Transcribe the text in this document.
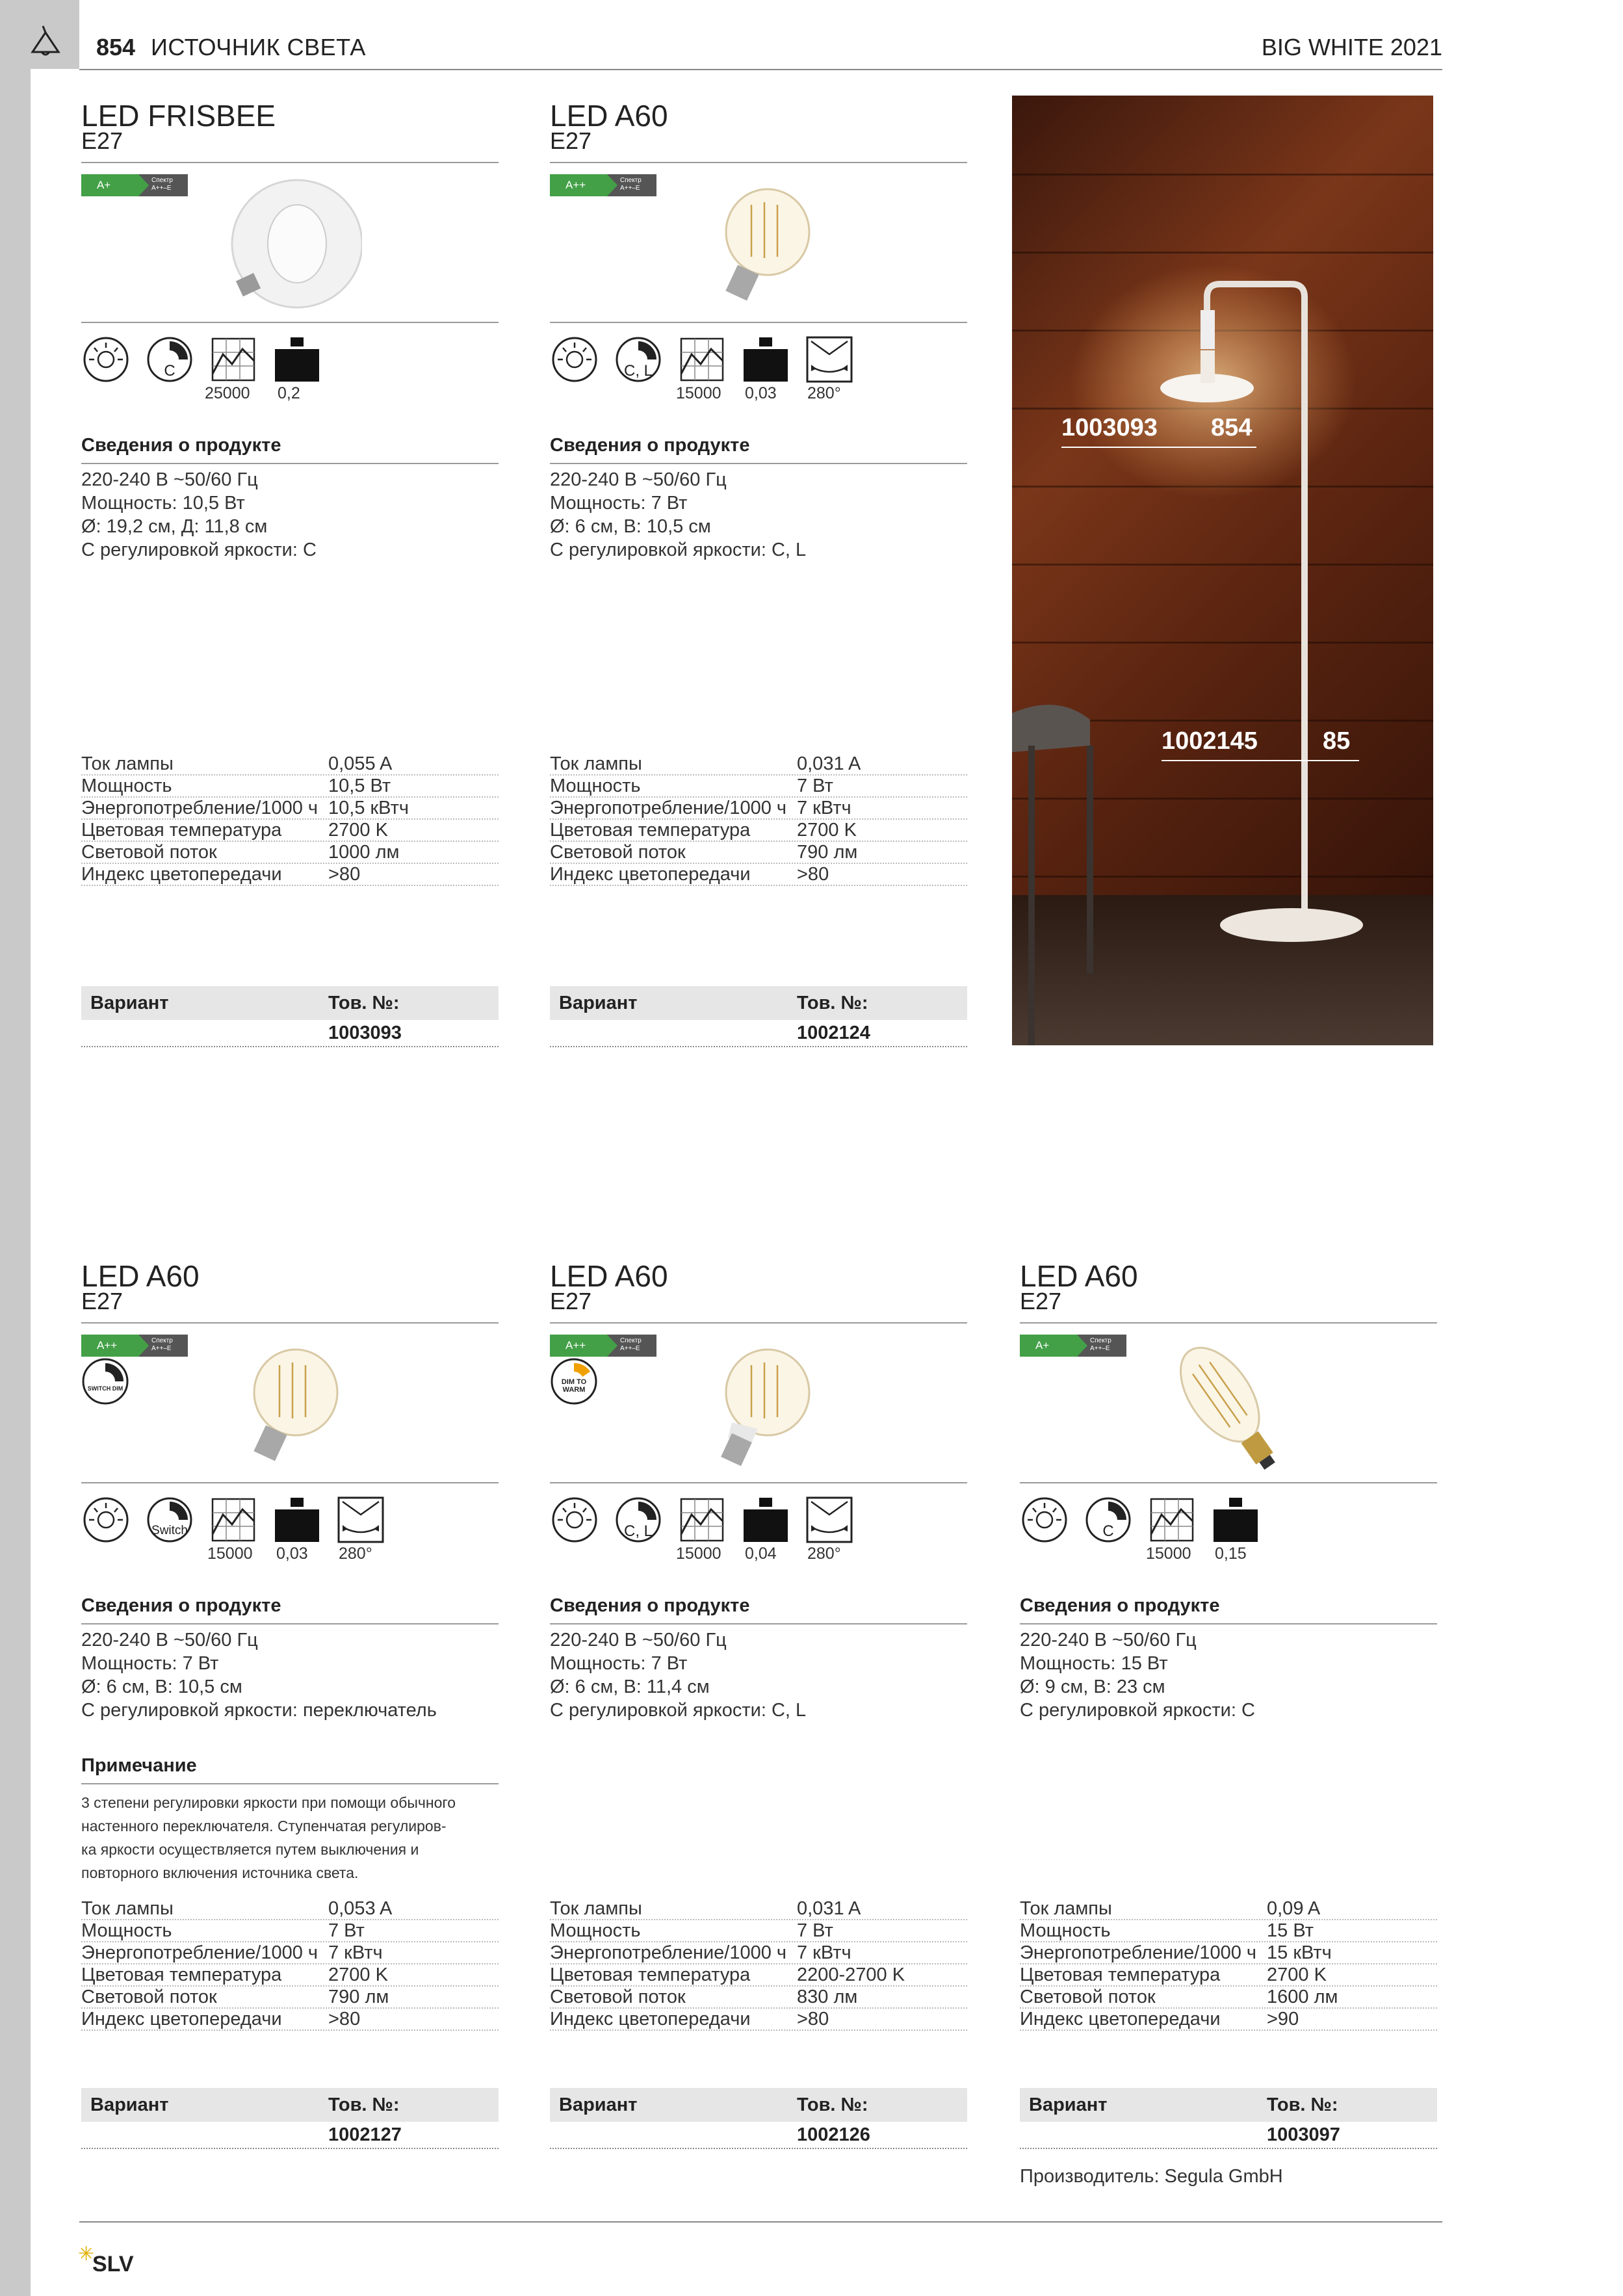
854 ИСТОЧНИК СВЕТА	BIG WHITE 2021
LED FRISBEE
E27
A+	Спектр A++–E
C
25000 0,2
Сведения о продукте
220-240 В ~50/60 Гц
Мощность: 10,5 Вт
Ø: 19,2 см, Д: 11,8 см
С регулировкой яркости: C
Ток лампы	0,055 A
Мощность	10,5 Вт
Энергопотребление/1000 ч 10,5 кВтч
Цветовая температура	2700 K
Световой поток	1000 лм
Индекс цветопередачи	>80
Вариант	Тов. №:
1003093
LED A60
E27
A++	Спектр A++–E
C, L
15000 0,03 280°
Сведения о продукте
220-240 В ~50/60 Гц
Мощность: 7 Вт
Ø: 6 см, В: 10,5 см
С регулировкой яркости: C, L
Ток лампы	0,031 A
Мощность	7 Вт
Энергопотребление/1000 ч 7 кВтч
Цветовая температура	2700 K
Световой поток	790 лм
Индекс цветопередачи	>80
Вариант	Тов. №:
1002124
1003093 854
1002145	85
LED A60
E27
A++	Спектр A++–E
SWITCH DIM
Switch
15000 0,03 280°
Сведения о продукте
220-240 В ~50/60 Гц
Мощность: 7 Вт
Ø: 6 см, В: 10,5 см
С регулировкой яркости: переключатель
Примечание
3 степени регулировки яркости при помощи обычного
настенного переключателя. Ступенчатая регулиров-
ка яркости осуществляется путем выключения и
повторного включения источника света.
Ток лампы	0,053 A
Мощность	7 Вт
Энергопотребление/1000 ч 7 кВтч
Цветовая температура	2700 K
Световой поток	790 лм
Индекс цветопередачи	>80
Вариант	Тов. №:
1002127
LED A60
E27
A++	Спектр A++–E
DIM TO WARM
C, L
15000 0,04 280°
Сведения о продукте
220-240 В ~50/60 Гц
Мощность: 7 Вт
Ø: 6 см, В: 11,4 см
С регулировкой яркости: C, L
Ток лампы	0,031 A
Мощность	7 Вт
Энергопотребление/1000 ч 7 кВтч
Цветовая температура	2200-2700 K
Световой поток	830 лм
Индекс цветопередачи	>80
Вариант	Тов. №:
1002126
LED A60
E27
A+	Спектр A++–E
C
15000 0,15
Сведения о продукте
220-240 В ~50/60 Гц
Мощность: 15 Вт
Ø: 9 см, В: 23 см
С регулировкой яркости: C
Ток лампы	0,09 A
Мощность	15 Вт
Энергопотребление/1000 ч 15 кВтч
Цветовая температура	2700 K
Световой поток	1600 лм
Индекс цветопередачи	>90
Вариант	Тов. №:
1003097
Производитель: Segula GmbH
✳
SLV
